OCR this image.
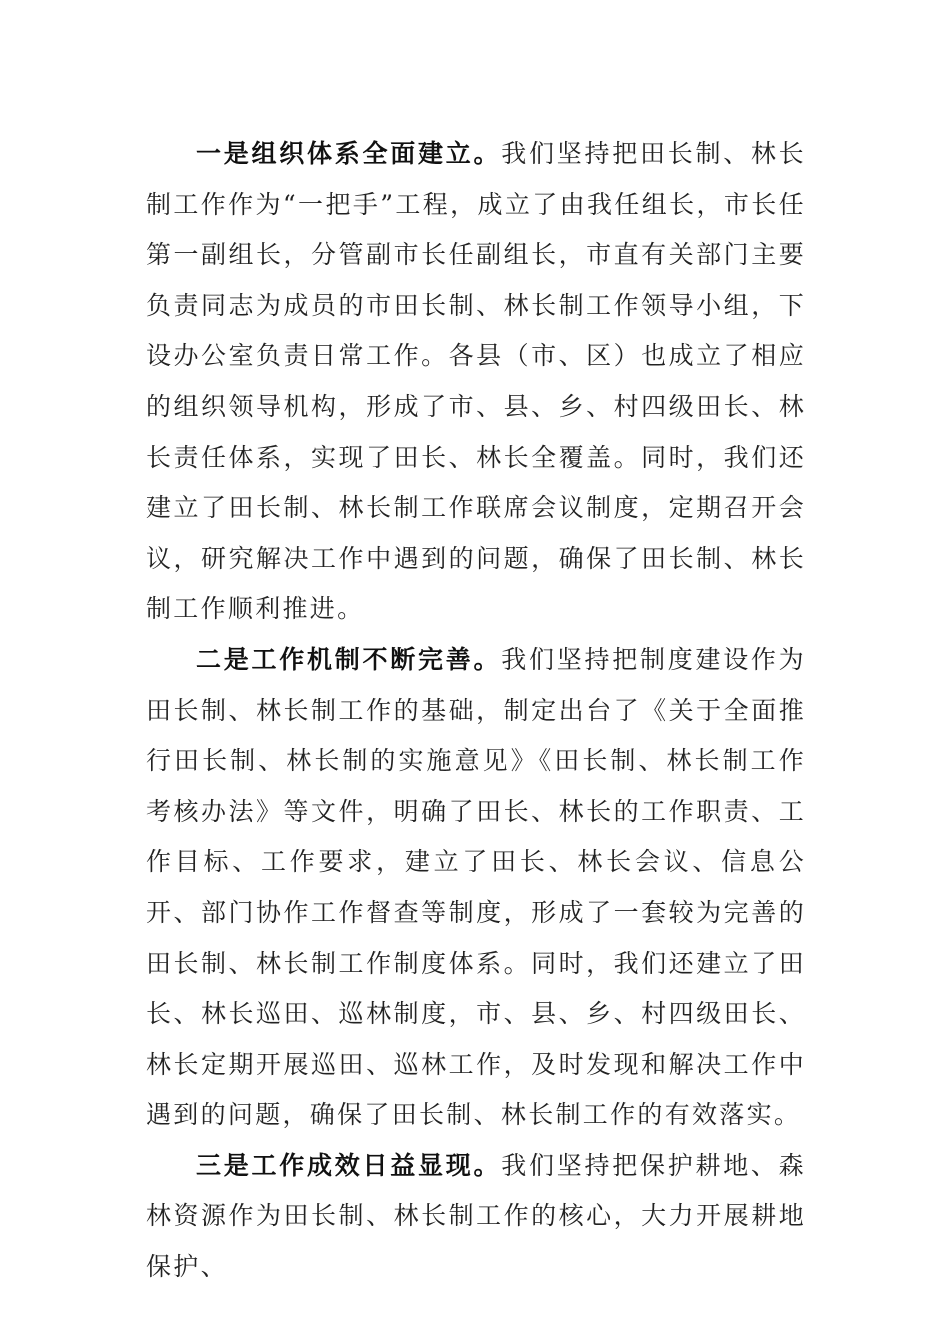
一是组织体系全面建立。我们坚持把田长制、林长制工作作为“一把手”工程，成立了由我任组长，市长任第一副组长，分管副市长任副组长，市直有关部门主要负责同志为成员的市田长制、林长制工作领导小组，下设办公室负责日常工作。各县（市、区）也成立了相应的组织领导机构，形成了市、县、乡、村四级田长、林长责任体系，实现了田长、林长全覆盖。同时，我们还建立了田长制、林长制工作联席会议制度，定期召开会议，研究解决工作中遇到的问题，确保了田长制、林长制工作顺利推进。

二是工作机制不断完善。我们坚持把制度建设作为田长制、林长制工作的基础，制定出台了《关于全面推行田长制、林长制的实施意见》《田长制、林长制工作考核办法》等文件，明确了田长、林长的工作职责、工作目标、工作要求，建立了田长、林长会议、信息公开、部门协作工作督查等制度，形成了一套较为完善的田长制、林长制工作制度体系。同时，我们还建立了田长、林长巡田、巡林制度，市、县、乡、村四级田长、林长定期开展巡田、巡林工作，及时发现和解决工作中遇到的问题，确保了田长制、林长制工作的有效落实。

三是工作成效日益显现。我们坚持把保护耕地、森林资源作为田长制、林长制工作的核心，大力开展耕地保护、
